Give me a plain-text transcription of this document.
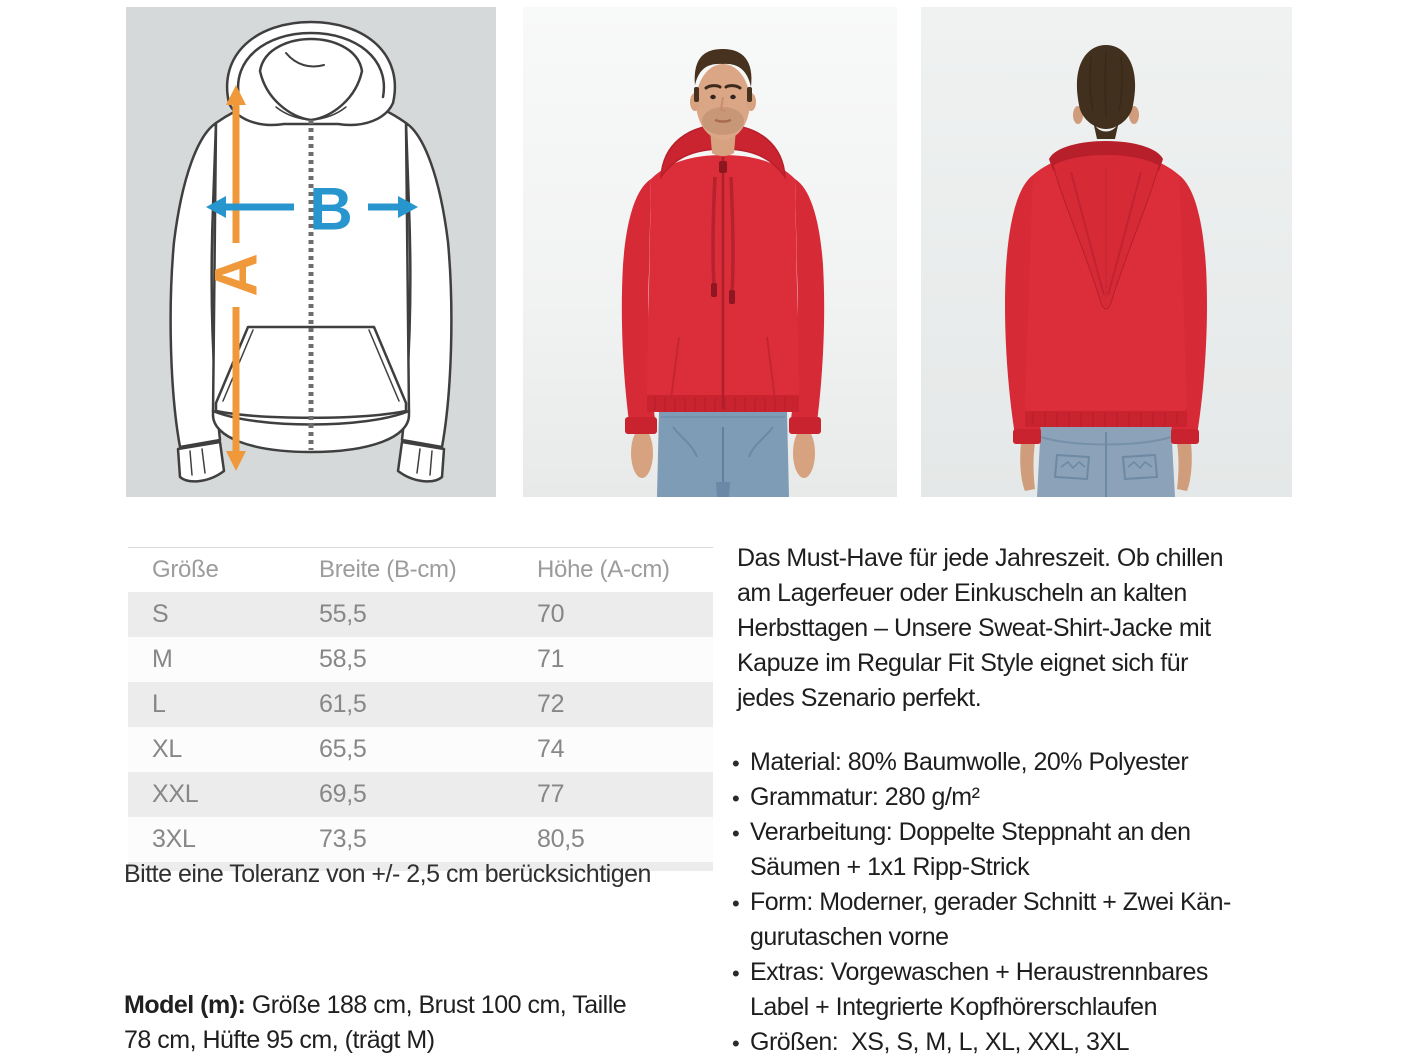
A
B
Größe	Breite (B-cm)	Höhe (A-cm)
S	55,5	70
M	58,5	71
L	61,5	72
XL	65,5	74
XXL	69,5	77
3XL	73,5	80,5
Bitte eine Toleranz von +/- 2,5 cm berücksichtigen
Model (m): Größe 188 cm, Brust 100 cm, Taille
78 cm, Hüfte 95 cm, (trägt M)
Das Must-Have für jede Jahreszeit. Ob chillen
am Lagerfeuer oder Einkuscheln an kalten
Herbsttagen – Unsere Sweat-Shirt-Jacke mit
Kapuze im Regular Fit Style eignet sich für
jedes Szenario perfekt.
• Material: 80% Baumwolle, 20% Polyester
• Grammatur: 280 g/m²
• Verarbeitung: Doppelte Steppnaht an den
Säumen + 1x1 Ripp-Strick
• Form: Moderner, gerader Schnitt + Zwei Kän-
gurutaschen vorne
• Extras: Vorgewaschen + Heraustrennbares
Label + Integrierte Kopfhörerschlaufen
• Größen:  XS, S, M, L, XL, XXL, 3XL
